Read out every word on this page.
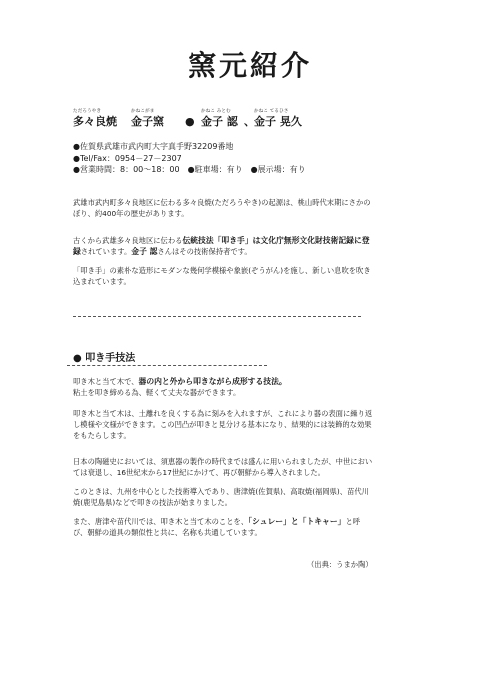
窯元紹介
ただろうやき
多々良焼
かねこがま
金子窯 ●
かねこ みとむ
金子 認 、
かねこ てるひさ
金子 晃久
●佐賀県武雄市武内町大字真手野32209番地
●Tel/Fax：0954－27－2307
●営業時間：8：00～18：00　●駐車場：有り　●展示場：有り

武雄市武内町多々良地区に伝わる多々良焼(ただろうやき)の起源は、桃山時代末期にさかのぼり、約400年の歴史があります。

古くから武雄多々良地区に伝わる伝統技法「叩き手」は文化庁無形文化財技術記録に登録されています。金子 認さんはその技術保持者です。

「叩き手」の素朴な造形にモダンな幾何学模様や象嵌(ぞうがん)を施し、新しい息吹を吹き込まれています。

● 叩き手技法

叩き木と当て木で、器の内と外から叩きながら成形する技法。
粘土を叩き締める為、軽くて丈夫な器ができます。

叩き木と当て木は、土離れを良くする為に刻みを入れますが、これにより器の表面に繰り返し模様や文様ができます。この凹凸が叩きと見分ける基本になり、結果的には装飾的な効果をもたらします。

日本の陶磁史においては、須恵器の製作の時代までは盛んに用いられましたが、中世においては衰退し、16世紀末から17世紀にかけて、再び朝鮮から導入されました。

このときは、九州を中心とした技術導入であり、唐津焼(佐賀県)、高取焼(福岡県)、苗代川焼(鹿児島県)などで叩きの技法が始まりました。

また、唐津や苗代川では、叩き木と当て木のことを、「シュレー」と「トキャー」と呼び、朝鮮の道具の類似性と共に、名称も共通しています。

（出典：うまか陶）
